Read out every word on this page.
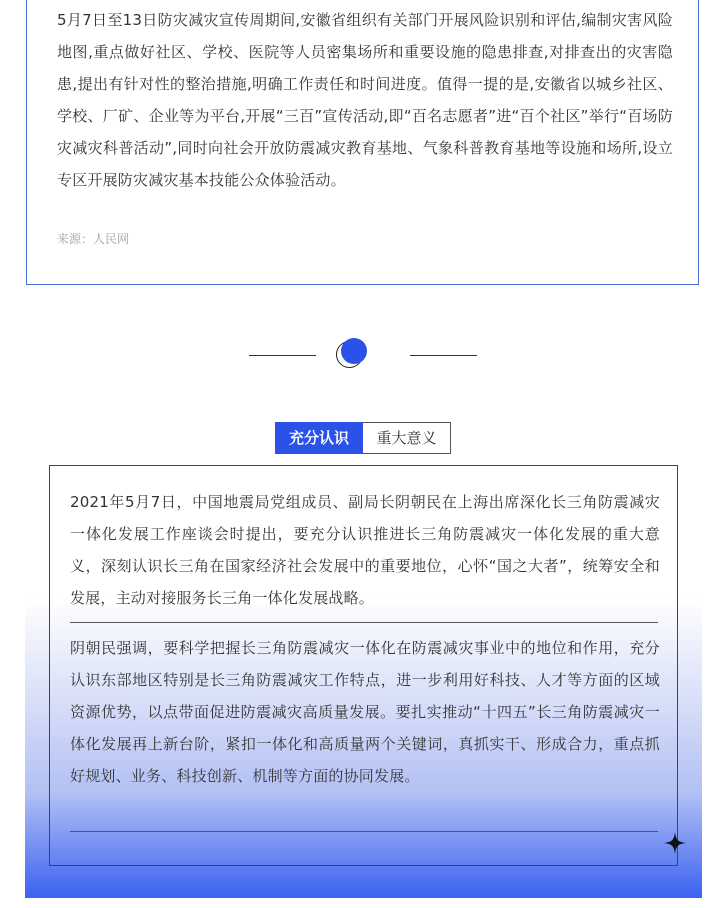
5月7日至13日防灾减灾宣传周期间,安徽省组织有关部门开展风险识别和评估,编制灾害风险地图,重点做好社区、学校、医院等人员密集场所和重要设施的隐患排查,对排查出的灾害隐患,提出有针对性的整治措施,明确工作责任和时间进度。值得一提的是,安徽省以城乡社区、学校、厂矿、企业等为平台,开展“三百”宣传活动,即“百名志愿者”进“百个社区”举行“百场防灾减灾科普活动”,同时向社会开放防震减灾教育基地、气象科普教育基地等设施和场所,设立专区开展防灾减灾基本技能公众体验活动。

来源：人民网

充分认识	重大意义

2021年5月7日，中国地震局党组成员、副局长阴朝民在上海出席深化长三角防震减灾一体化发展工作座谈会时提出，要充分认识推进长三角防震减灾一体化发展的重大意义，深刻认识长三角在国家经济社会发展中的重要地位，心怀“国之大者”，统筹安全和发展，主动对接服务长三角一体化发展战略。

阴朝民强调，要科学把握长三角防震减灾一体化在防震减灾事业中的地位和作用，充分认识东部地区特别是长三角防震减灾工作特点，进一步利用好科技、人才等方面的区域资源优势，以点带面促进防震减灾高质量发展。要扎实推动“十四五”长三角防震减灾一体化发展再上新台阶，紧扣一体化和高质量两个关键词，真抓实干、形成合力，重点抓好规划、业务、科技创新、机制等方面的协同发展。
